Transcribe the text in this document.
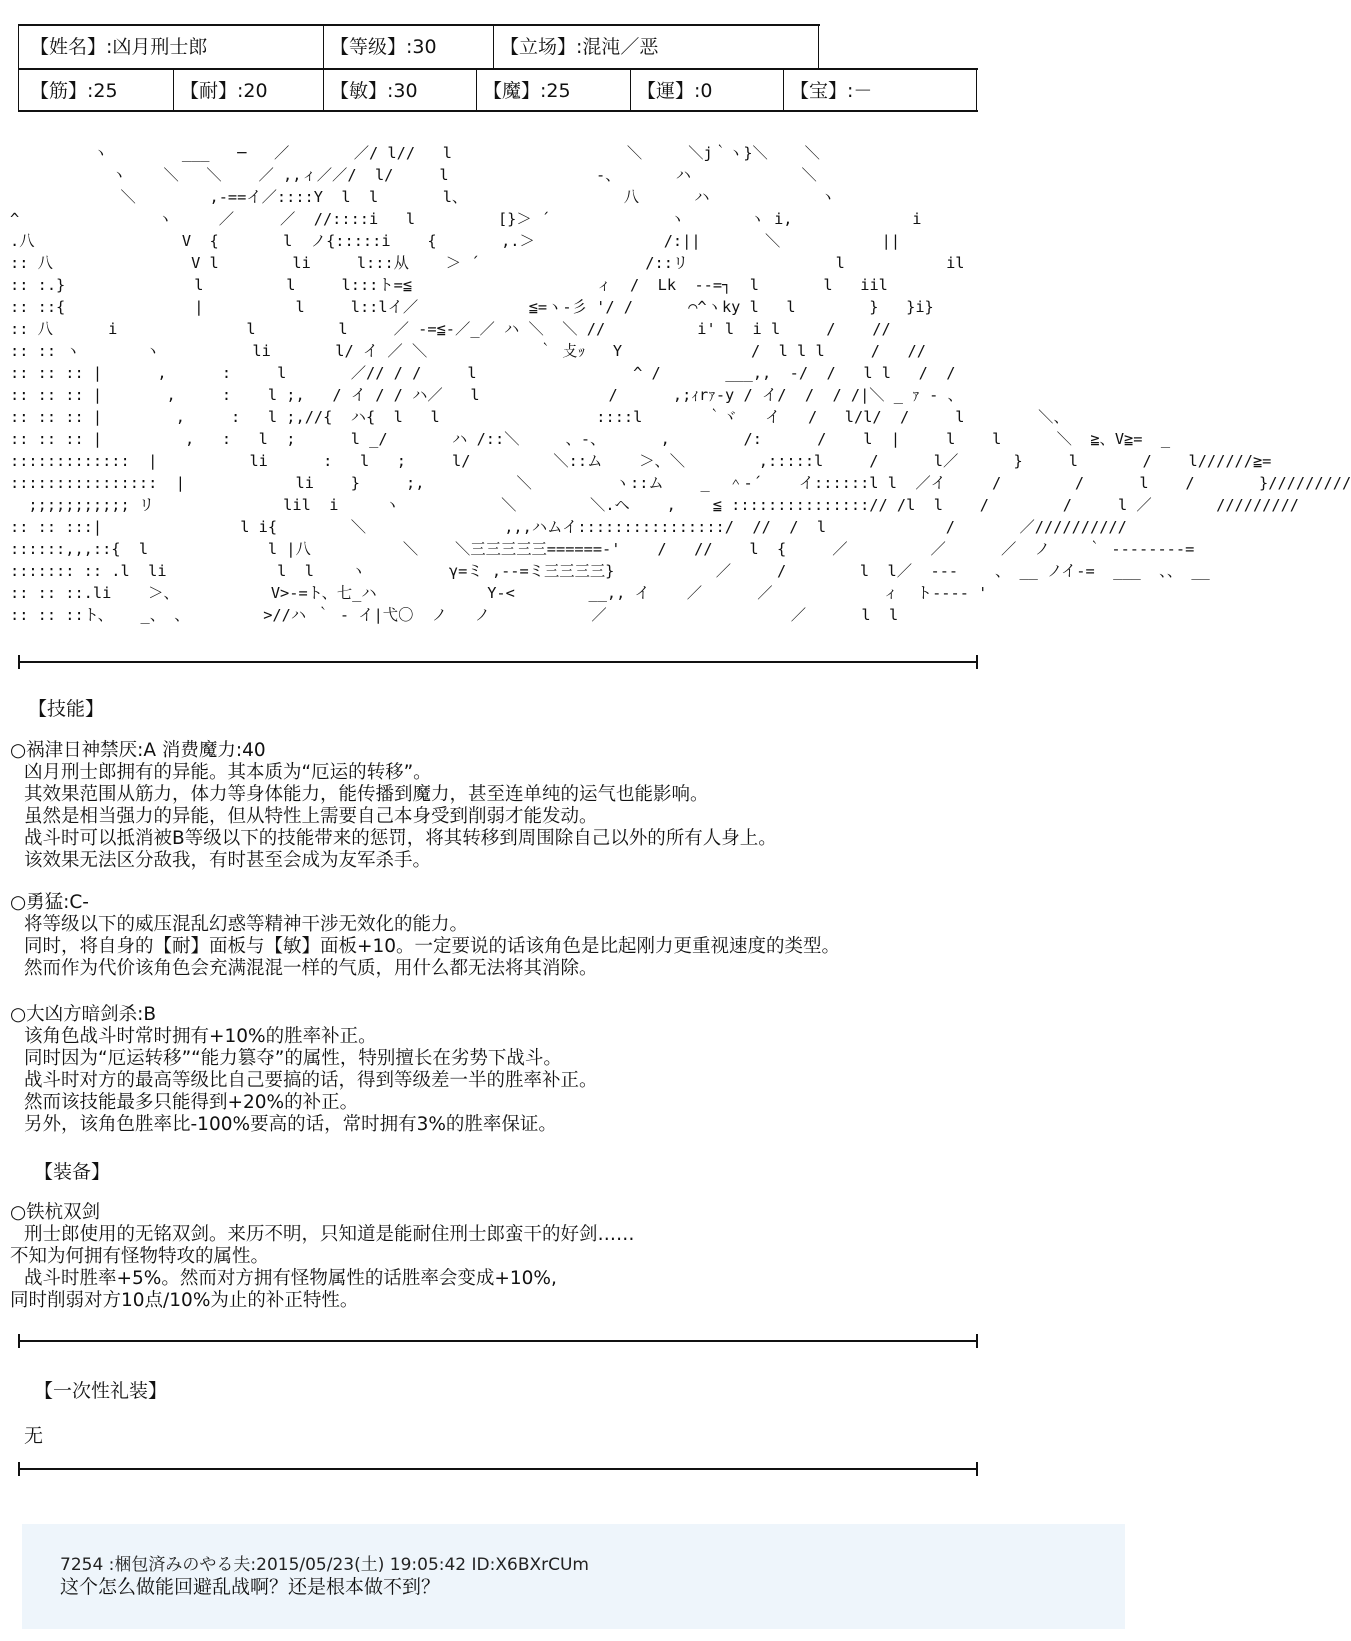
【姓名】:凶月刑士郎	【等级】:30	【立场】:混沌／恶
【筋】:25	【耐】:20	【敏】:30	【魔】:25	【運】:0	【宝】:－
ヽ        ___   ─   ／       ／/ l//   l                   ＼     ＼j｀ヽ}＼    ＼
ヽ    ＼   ＼    ／ ,,ィ／／/  l/     l                -、      ハ            ＼
＼        ,-==イ／::::Y  l  l       l、                 八      ハ            ヽ
^               ヽ     ／     ／  //::::i   l         [}＞ ´             ヽ       ヽ i,             i
.八                V  {       l  ノ{:::::i    {       ,.＞              /:||       ＼           ||
:: 八               V l        li     l:::从    ＞ ´                  /::リ                l           il
:: :.}              l         l     l:::ト=≦                    ィ  /  Lk  --=┐  l       l   iil
:: ::{              |          l     l::lイ／            ≦=ヽ-彡 '/ /      ⌒^ヽky l   l        }   }i}
:: 八      i              l         l     ／ -=≦-／_／ ハ ＼  ＼ //          i' l  i l     /    //
:: :: ヽ       ヽ          li       l/ イ ／ ＼            ｀ 攴ｯ   Y              /  l l l     /   //
:: :: :: |      ,      :     l       ／// / /     l                 ^ /       ___,,  -/  /   l l   /  /
:: :: :: |       ,     :    l ;,   / イ / / ハ／   l              /      ,;ｨrｧ-y / イ/  /  / /|＼ _ ｧ - 、
:: :: :: |        ,     :   l ;,//{  ハ{  l   l                 ::::l       ｀ヾ   イ   /   l/l/  /     l        ＼、
:: :: :: |         ,   :   l  ;      l _/       ハ /::＼     、-、      ,        /:      /    l  |     l    l      ＼  ≧、V≧=  _
:::::::::::::  |          li      :   l   ;     l/         ＼::ム    ＞、＼        ,:::::l     /      l／      }     l       /    l//////≧=
::::::::::::::::  |            li    }     ;,          ＼         ヽ::ム    _  ＾-´    イ::::::l l  ／イ     /        /      l    /       }/////////
;;;;;;;;;;; リ              lil  i     ヽ           ＼        ＼.ヘ    ,    ≦ :::::::::::::::// /l  l    /        /     l ／       /////////
:: :: :::|               l i{        ＼               ,,,ハムイ::::::::::::::::/  //  /  l             /       ／//////////
::::::,,,::{  l             l |八          ＼    ＼三三三三三======-'    /   //    l  {     ／         ／      ／  ノ    ｀ --------=
::::::: :: .l  li            l  l    ヽ         γ=ミ ,--=ミ三三三三}           ／     /        l  l／  ---    、 __ ノイ-=  ___  、、 __
:: :: ::.li    ＞、          V>-=ト、七_ハ            Y-<        __,, イ    ／      ／            ィ  ト---- '
:: :: ::ト、   _、 、        >//ハ ｀ - イ|弋〇  ノ   ノ           ／                    ／      l  l
【技能】
○祸津日神禁厌:A 消费魔力:40
凶月刑士郎拥有的异能。其本质为“厄运的转移”。
其效果范围从筋力，体力等身体能力，能传播到魔力，甚至连单纯的运气也能影响。
虽然是相当强力的异能，但从特性上需要自己本身受到削弱才能发动。
战斗时可以抵消被B等级以下的技能带来的惩罚，将其转移到周围除自己以外的所有人身上。
该效果无法区分敌我，有时甚至会成为友军杀手。
○勇猛:C-
将等级以下的威压混乱幻惑等精神干涉无效化的能力。
同时，将自身的【耐】面板与【敏】面板+10。一定要说的话该角色是比起刚力更重视速度的类型。
然而作为代价该角色会充满混混一样的气质，用什么都无法将其消除。
○大凶方暗剑杀:B
该角色战斗时常时拥有+10%的胜率补正。
同时因为“厄运转移”“能力篡夺”的属性，特别擅长在劣势下战斗。
战斗时对方的最高等级比自己要搞的话，得到等级差一半的胜率补正。
然而该技能最多只能得到+20%的补正。
另外，该角色胜率比-100%要高的话，常时拥有3%的胜率保证。
【装备】
○铁杭双剑
刑士郎使用的无铭双剑。来历不明，只知道是能耐住刑士郎蛮干的好剑……
不知为何拥有怪物特攻的属性。
战斗时胜率+5%。然而对方拥有怪物属性的话胜率会变成+10%,
同时削弱对方10点/10%为止的补正特性。
【一次性礼装】
无
7254 :梱包済みのやる夫:2015/05/23(土) 19:05:42 ID:X6BXrCUm
这个怎么做能回避乱战啊？还是根本做不到？
